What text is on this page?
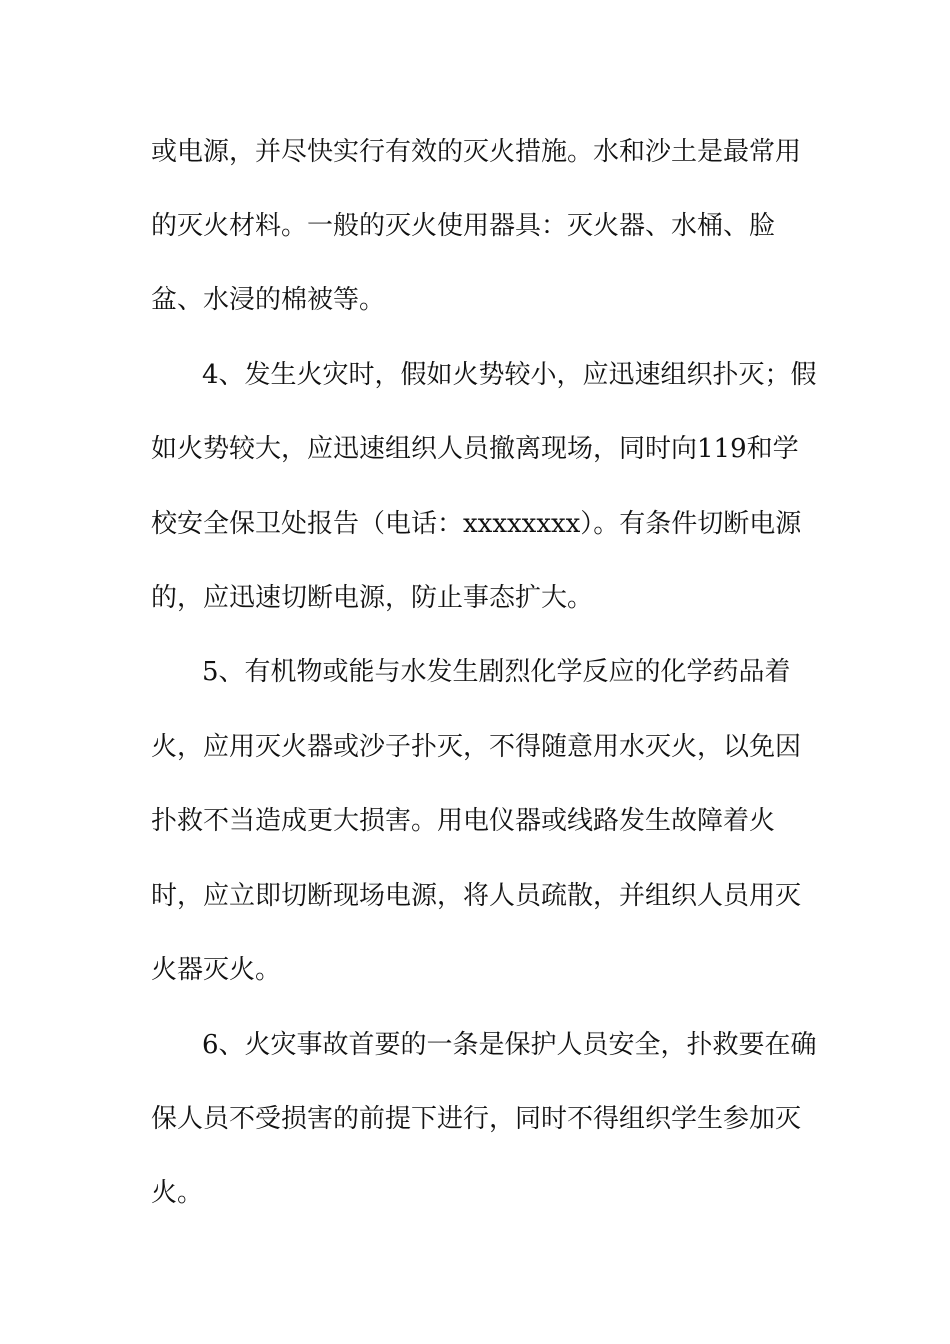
或电源，并尽快实行有效的灭火措施。水和沙土是最常用
的灭火材料。一般的灭火使用器具：灭火器、水桶、脸
盆、水浸的棉被等。
4、发生火灾时，假如火势较小，应迅速组织扑灭；假
如火势较大，应迅速组织人员撤离现场，同时向119和学
校安全保卫处报告（电话：xxxxxxxx）。有条件切断电源
的，应迅速切断电源，防止事态扩大。
5、有机物或能与水发生剧烈化学反应的化学药品着
火，应用灭火器或沙子扑灭，不得随意用水灭火，以免因
扑救不当造成更大损害。用电仪器或线路发生故障着火
时，应立即切断现场电源，将人员疏散，并组织人员用灭
火器灭火。
6、火灾事故首要的一条是保护人员安全，扑救要在确
保人员不受损害的前提下进行，同时不得组织学生参加灭
火。
